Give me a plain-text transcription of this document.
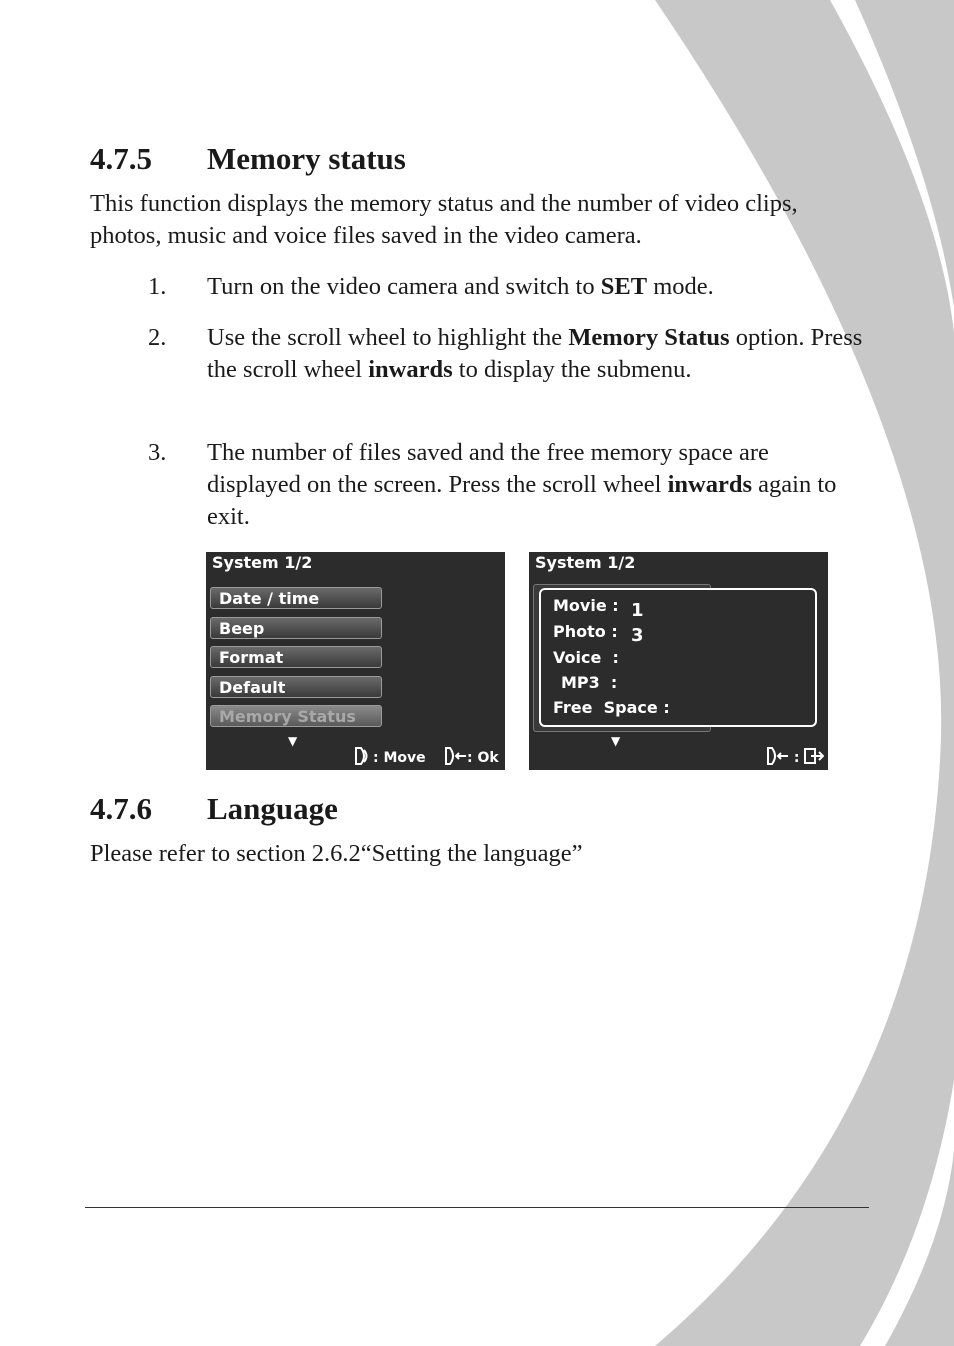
4.7.5 Memory status

This function displays the memory status and the number of video clips, photos, music and voice files saved in the video camera.

1. Turn on the video camera and switch to SET mode.
2. Use the scroll wheel to highlight the Memory Status option. Press the scroll wheel inwards to display the submenu.
3. The number of files saved and the free memory space are displayed on the screen. Press the scroll wheel inwards again to exit.
System 1/2
Date / time
Beep
Format
Default
Memory Status
▼
: Move	: Ok
System 1/2
Movie : 1
Photo : 3
Voice  :
MP3  :
Free  Space :
▼
:
4.7.6 Language

Please refer to section 2.6.2“Setting the language”
